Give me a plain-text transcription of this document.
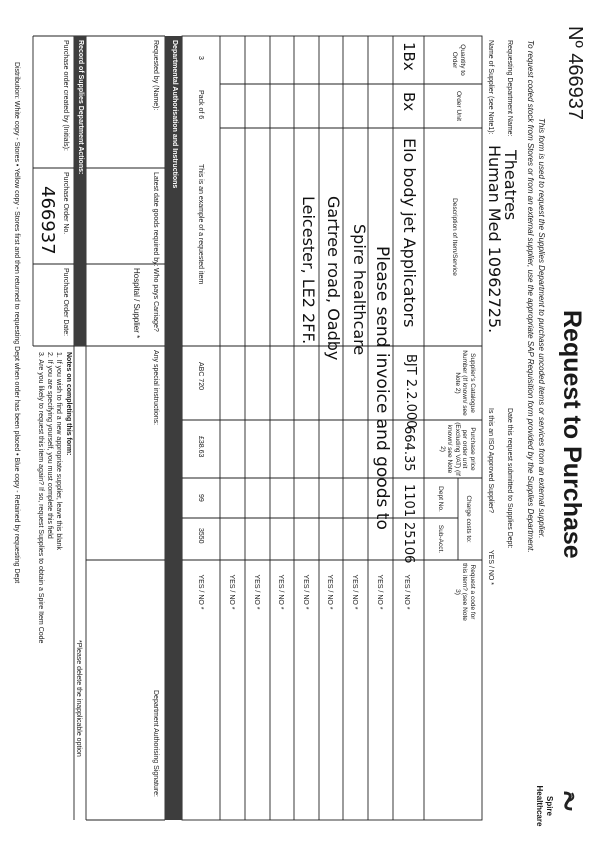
Spire Healthcare
Nº 466937
Request to Purchase
This form is used to request the Supplies Department to purchase uncoded items or services from an external supplier.
To request coded stock from Stores or from an external supplier, use the appropriate SAP Requisition form provided by the Supplies Department.
Requesting Department Name:
Theatres
Date this request submitted to Supplies Dept:
Name of Supplier (see Note1):
Human Med 10962725.
Is this an ISO Approved Supplier?
YES / NO *
Quantity to Order
Order Unit
Description of Item/Service
Supplier's Catalogue Number (If known/ see Note 2)
Purchase price per order unit (Excluding VAT) (If known/ see Note 2)
Charge costs to:
Dept No.
Sub-Acct.
Request a code for this item? (see Note 3)
1Bx
Bx
Elo body jet Applicators
BJT 2.2.000
664.35
1101
25106
YES / NO *
YES / NO *
YES / NO *
YES / NO *
YES / NO *
YES / NO *
YES / NO *
YES / NO *
Please send invoice and goods to
Spire healthcare
Gartree road, Oadby
Leicester, LE2 2FF.
3
Pack of 6
This is an example of a requested item
ABC 720
£38.63
99
3550
YES / NO *
Departmental Authorisation and Instructions
Requested by (Name):
Latest date goods required by:
Who pays Carriage?
Hospital / Supplier *
Any special instructions:
Department Authorising Signature:
Record of Supplies Department Actions:
Purchase order created by (Initials):
Purchase Order No.
466937
Purchase Order Date:
*Please delete the inapplicable option
Notes on completing this form:
1. If you wish to find a new appropriate supplier, leave this blank
2. If you are specifying yourself, you must complete this field
3. Are you likely to request this item again? If so, request Supplies to obtain a Spire Item Code
Distribution: White copy - Stores • Yellow copy - Stores first and then returned to requesting Dept when order has been placed • Blue copy - Retained by requesting Dept
